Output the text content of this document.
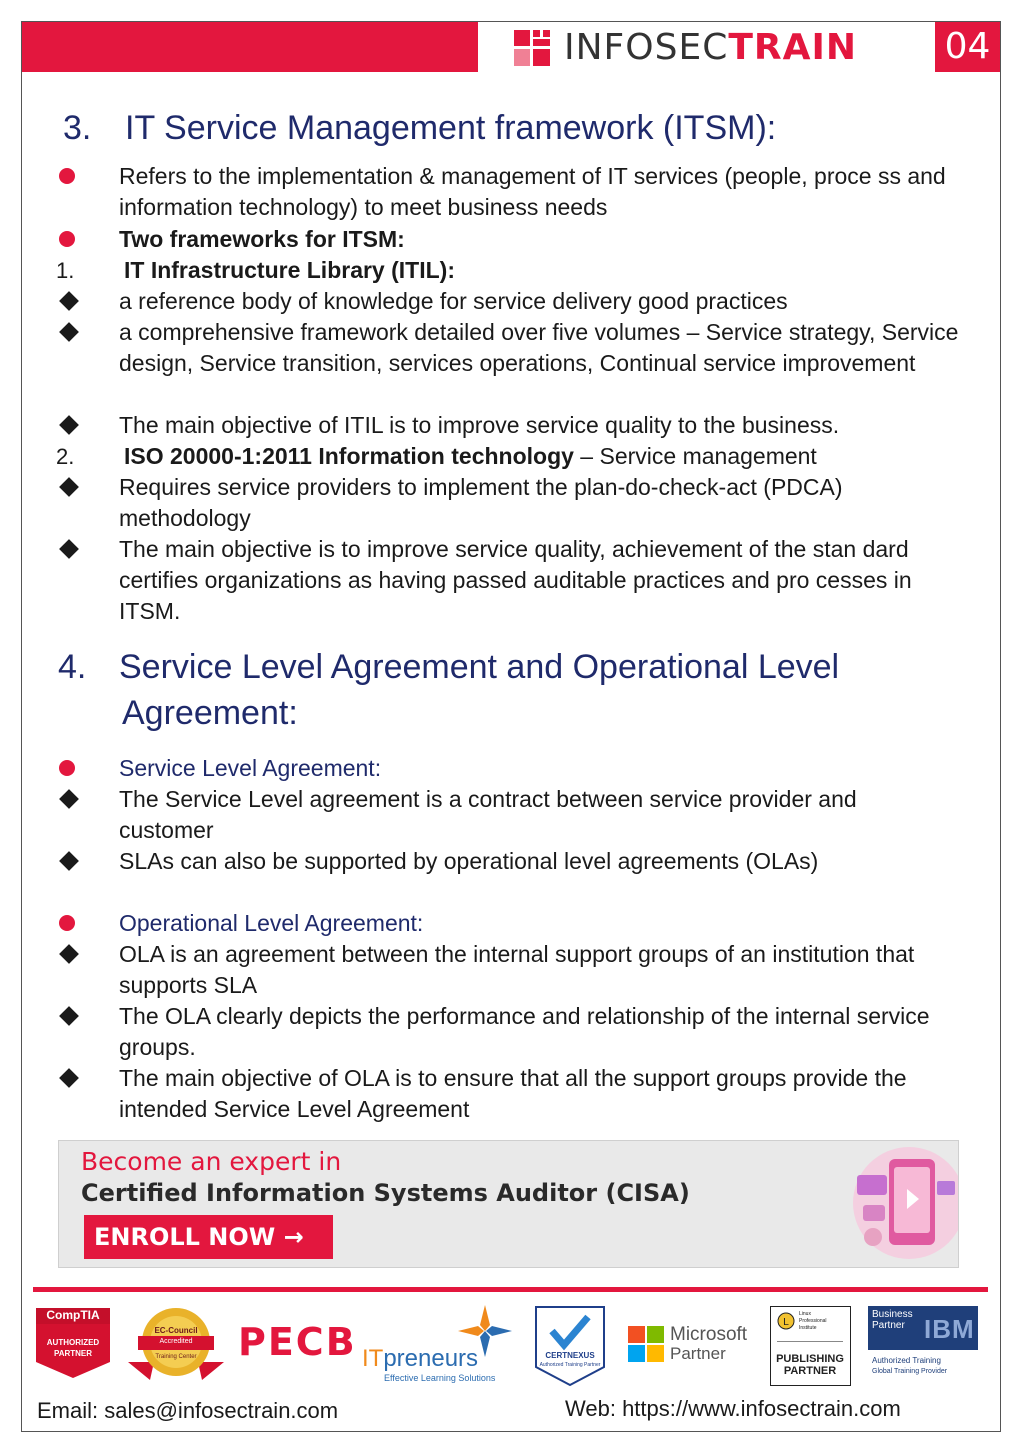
INFOSECTRAIN 04
3. IT Service Management framework (ITSM):
Refers to the implementation & management of IT services (people, proce ss and information technology) to meet business needs
Two frameworks for ITSM:
1. IT Infrastructure Library (ITIL):
a reference body of knowledge for service delivery good practices
a comprehensive framework detailed over five volumes – Service strategy, Service design, Service transition, services operations, Continual service improvement
The main objective of ITIL is to improve service quality to the business.
2. ISO 20000-1:2011 Information technology – Service management
Requires service providers to implement the plan-do-check-act (PDCA) methodology
The main objective is to improve service quality, achievement of the stan dard certifies organizations as having passed auditable practices and pro cesses in ITSM.
4. Service Level Agreement and Operational Level
Agreement:
Service Level Agreement:
The Service Level agreement is a contract between service provider and customer
SLAs can also be supported by operational level agreements (OLAs)
Operational Level Agreement:
OLA is an agreement between the internal support groups of an institution that supports SLA
The OLA clearly depicts the performance and relationship of the internal service groups.
The main objective of OLA is to ensure that all the support groups provide the intended Service Level Agreement
Become an expert in
Certified Information Systems Auditor (CISA)
ENROLL NOW →
CompTIA
AUTHORIZED
PARTNER
EC-Council
Accredited
Training Center	PECB ITpreneurs
Effective Learning Solutions
CERTNEXUS
Authorized Training Partner
Microsoft
Partner
L
Linux
Professional
Institute
PUBLISHING
PARTNER
Business
Partner IBM
Authorized Training
Global Training Provider
Email: sales@infosectrain.com	Web: https://www.infosectrain.com
